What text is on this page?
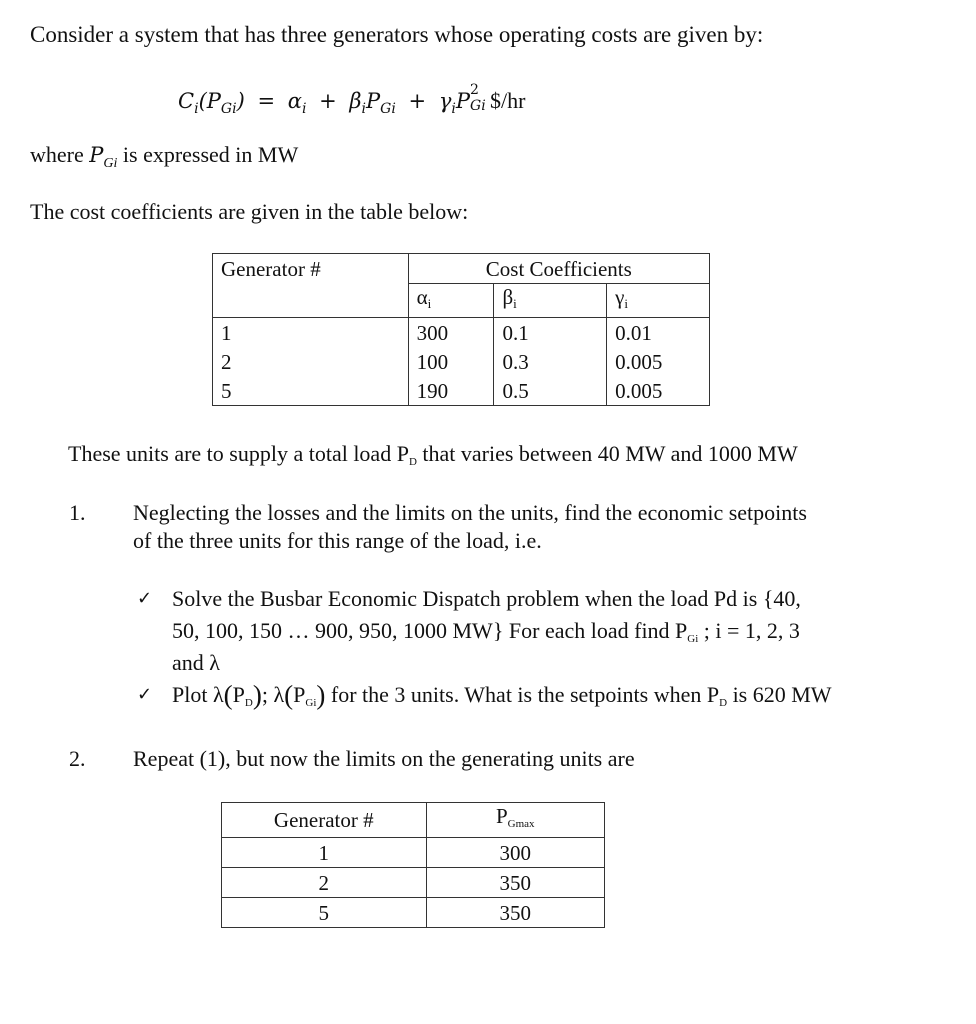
Consider a system that has three generators whose operating costs are given by:
$C_i(P_{Gi}) = \alpha_i + \beta_iP_{Gi} + \gamma_iP$ 2
Gi $/hr
where $P_{Gi}$ is expressed in MW
The cost coefficients are given in the table below:
Generator #	Cost Coefficients		
	αi	βi	γi
1	300	0.1	0.01
2	100	0.3	0.005
5	190	0.5	0.005
These units are to supply a total load PD that varies between 40 MW and 1000 MW
1. Neglecting the losses and the limits on the units, find the economic setpoints
of the three units for this range of the load, i.e.
✓ Solve the Busbar Economic Dispatch problem when the load Pd is {40,
50, 100, 150 … 900, 950, 1000 MW} For each load find PGi ; i = 1, 2, 3
and λ
✓ Plot λ(PD); λ(PGi) for the 3 units. What is the setpoints when PD is 620 MW
2. Repeat (1), but now the limits on the generating units are
Generator #	PGmax
1	300
2	350
5	350
